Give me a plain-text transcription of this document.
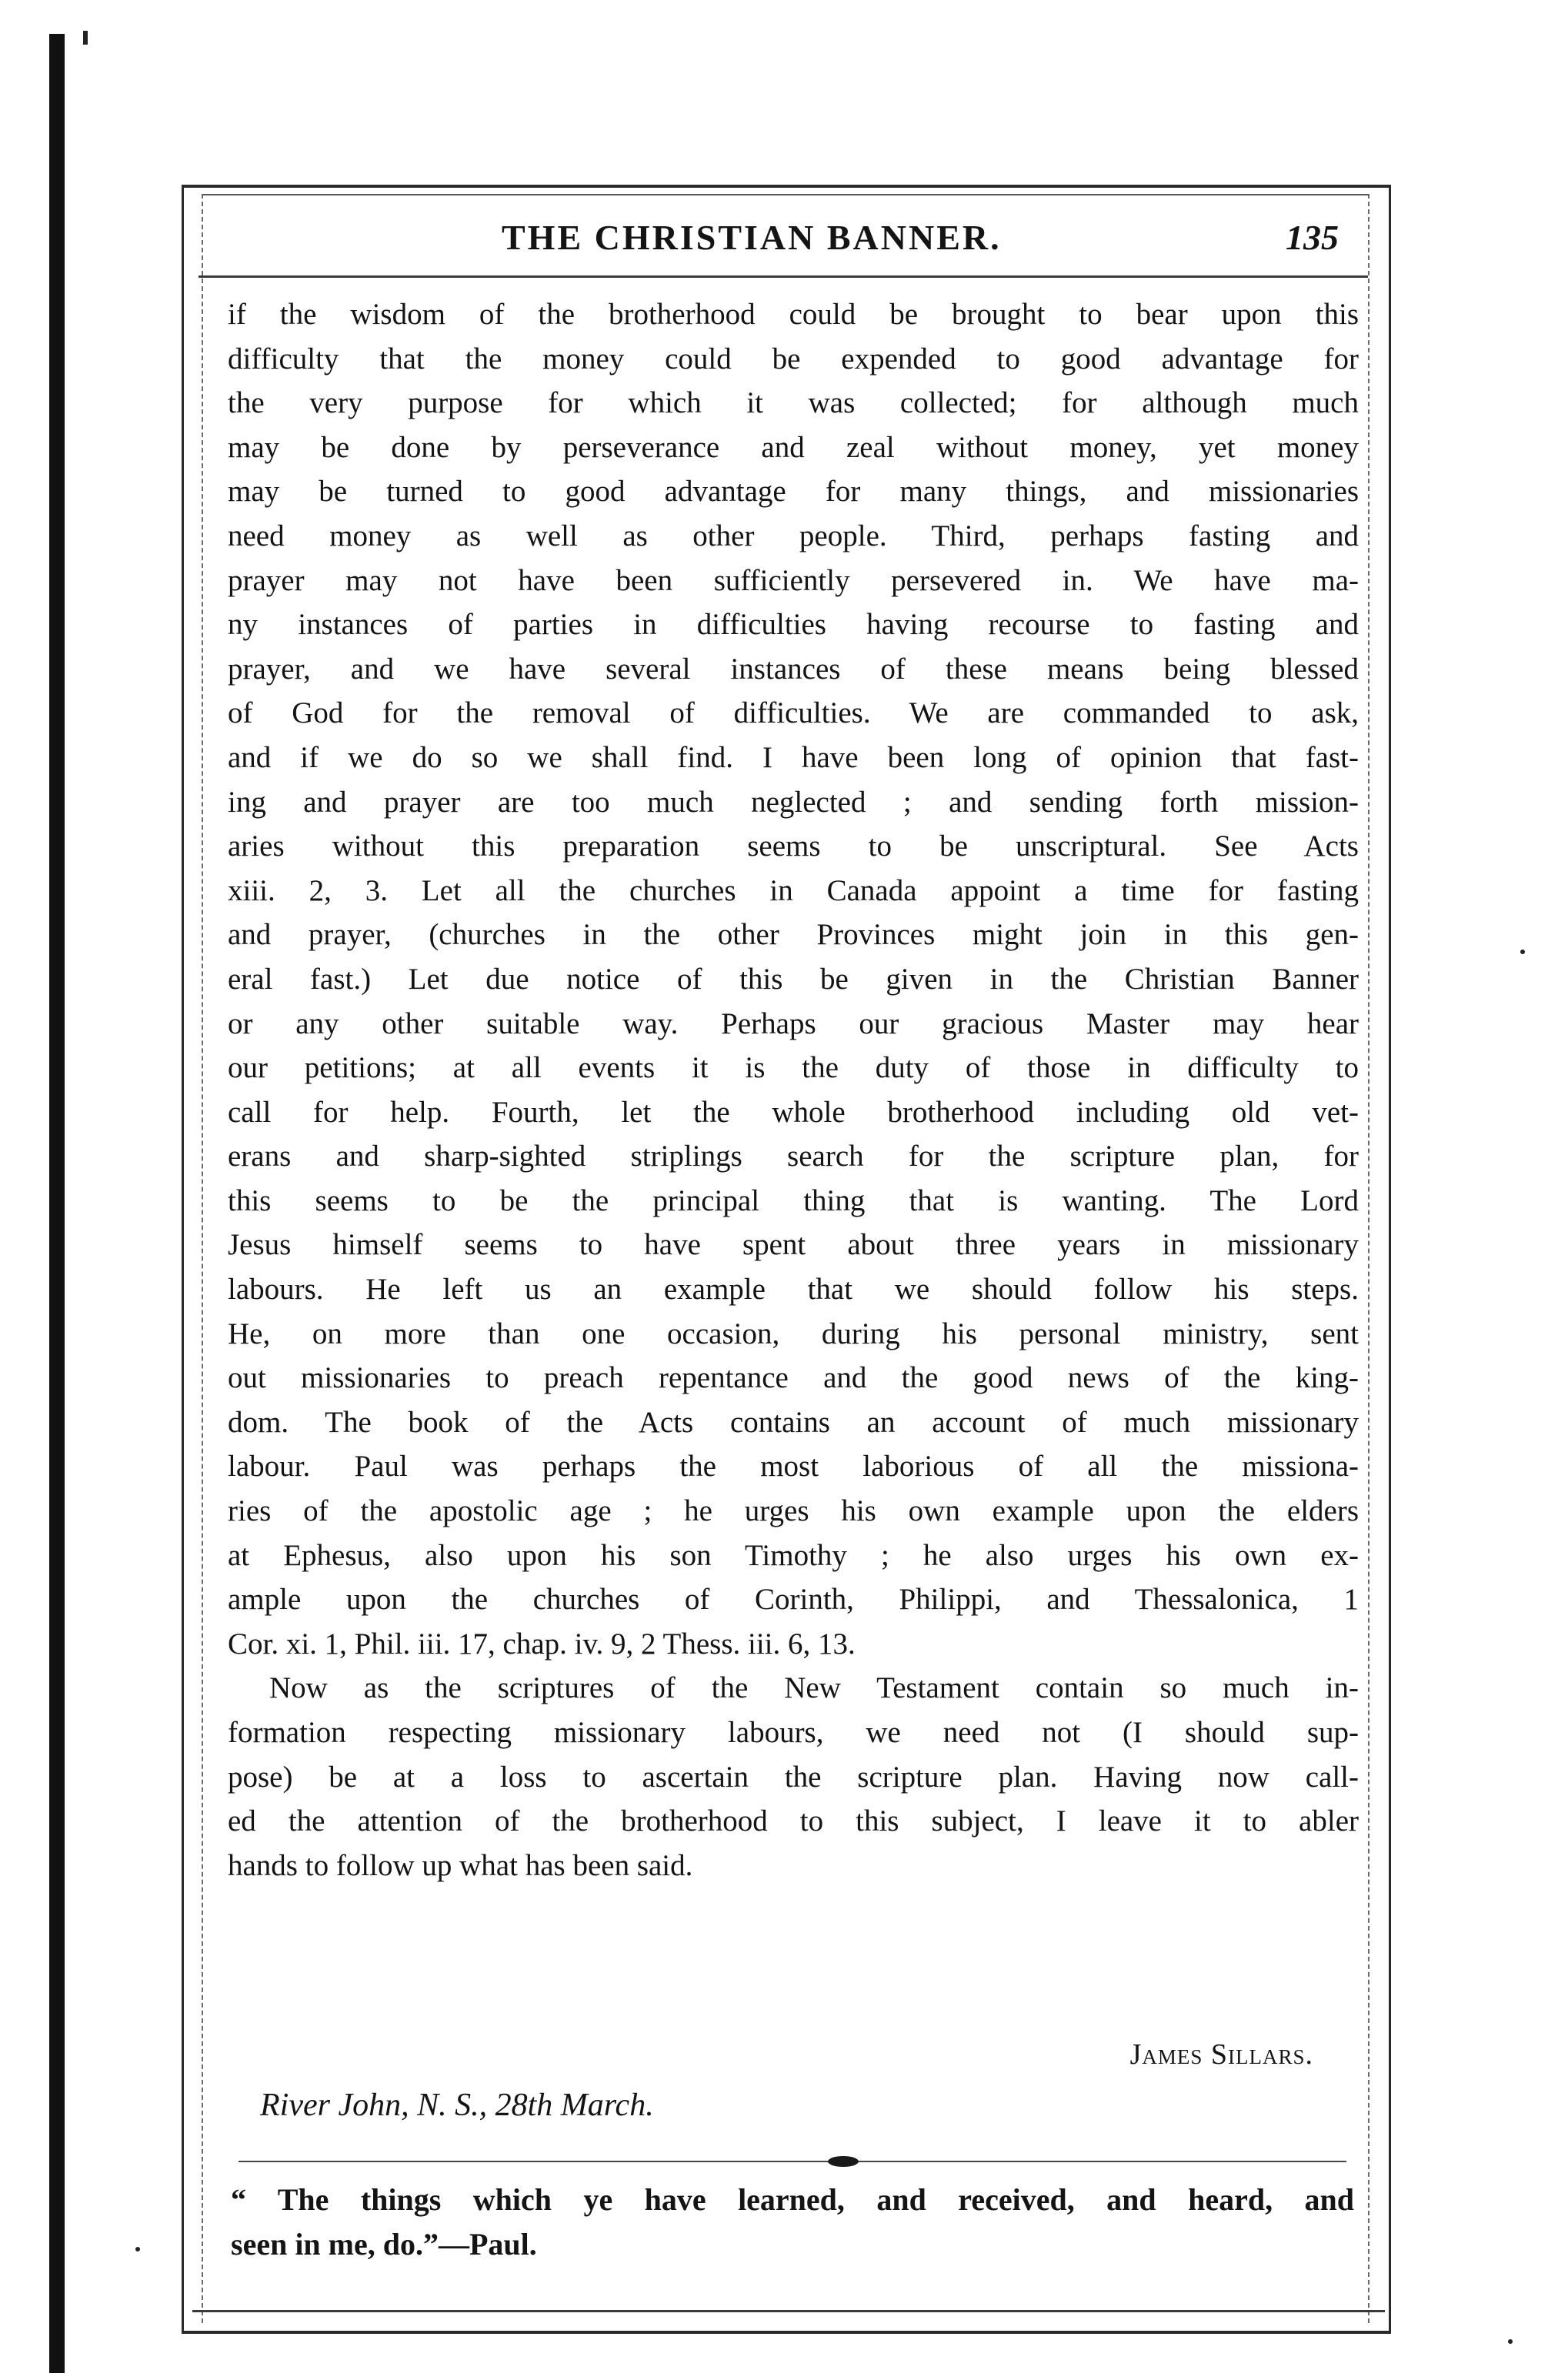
THE CHRISTIAN BANNER.	135
if the wisdom of the brotherhood could be brought to bear upon this
difficulty that the money could be expended to good advantage for
the very purpose for which it was collected; for although much
may be done by perseverance and zeal without money, yet money
may be turned to good advantage for many things, and missionaries
need money as well as other people. Third, perhaps fasting and
prayer may not have been sufficiently persevered in. We have ma-
ny instances of parties in difficulties having recourse to fasting and
prayer, and we have several instances of these means being blessed
of God for the removal of difficulties. We are commanded to ask,
and if we do so we shall find. I have been long of opinion that fast-
ing and prayer are too much neglected ; and sending forth mission-
aries without this preparation seems to be unscriptural. See Acts
xiii. 2, 3. Let all the churches in Canada appoint a time for fasting
and prayer, (churches in the other Provinces might join in this gen-
eral fast.) Let due notice of this be given in the Christian Banner
or any other suitable way. Perhaps our gracious Master may hear
our petitions; at all events it is the duty of those in difficulty to
call for help. Fourth, let the whole brotherhood including old vet-
erans and sharp-sighted striplings search for the scripture plan, for
this seems to be the principal thing that is wanting. The Lord
Jesus himself seems to have spent about three years in missionary
labours. He left us an example that we should follow his steps.
He, on more than one occasion, during his personal ministry, sent
out missionaries to preach repentance and the good news of the king-
dom. The book of the Acts contains an account of much missionary
labour. Paul was perhaps the most laborious of all the missiona-
ries of the apostolic age ; he urges his own example upon the elders
at Ephesus, also upon his son Timothy ; he also urges his own ex-
ample upon the churches of Corinth, Philippi, and Thessalonica, 1
Cor. xi. 1, Phil. iii. 17, chap. iv. 9, 2 Thess. iii. 6, 13.
Now as the scriptures of the New Testament contain so much in-
formation respecting missionary labours, we need not (I should sup-
pose) be at a loss to ascertain the scripture plan. Having now call-
ed the attention of the brotherhood to this subject, I leave it to abler
hands to follow up what has been said.
James Sillars.
River John, N. S., 28th March.
“ The things which ye have learned, and received, and heard, and
seen in me, do.”—Paul.
